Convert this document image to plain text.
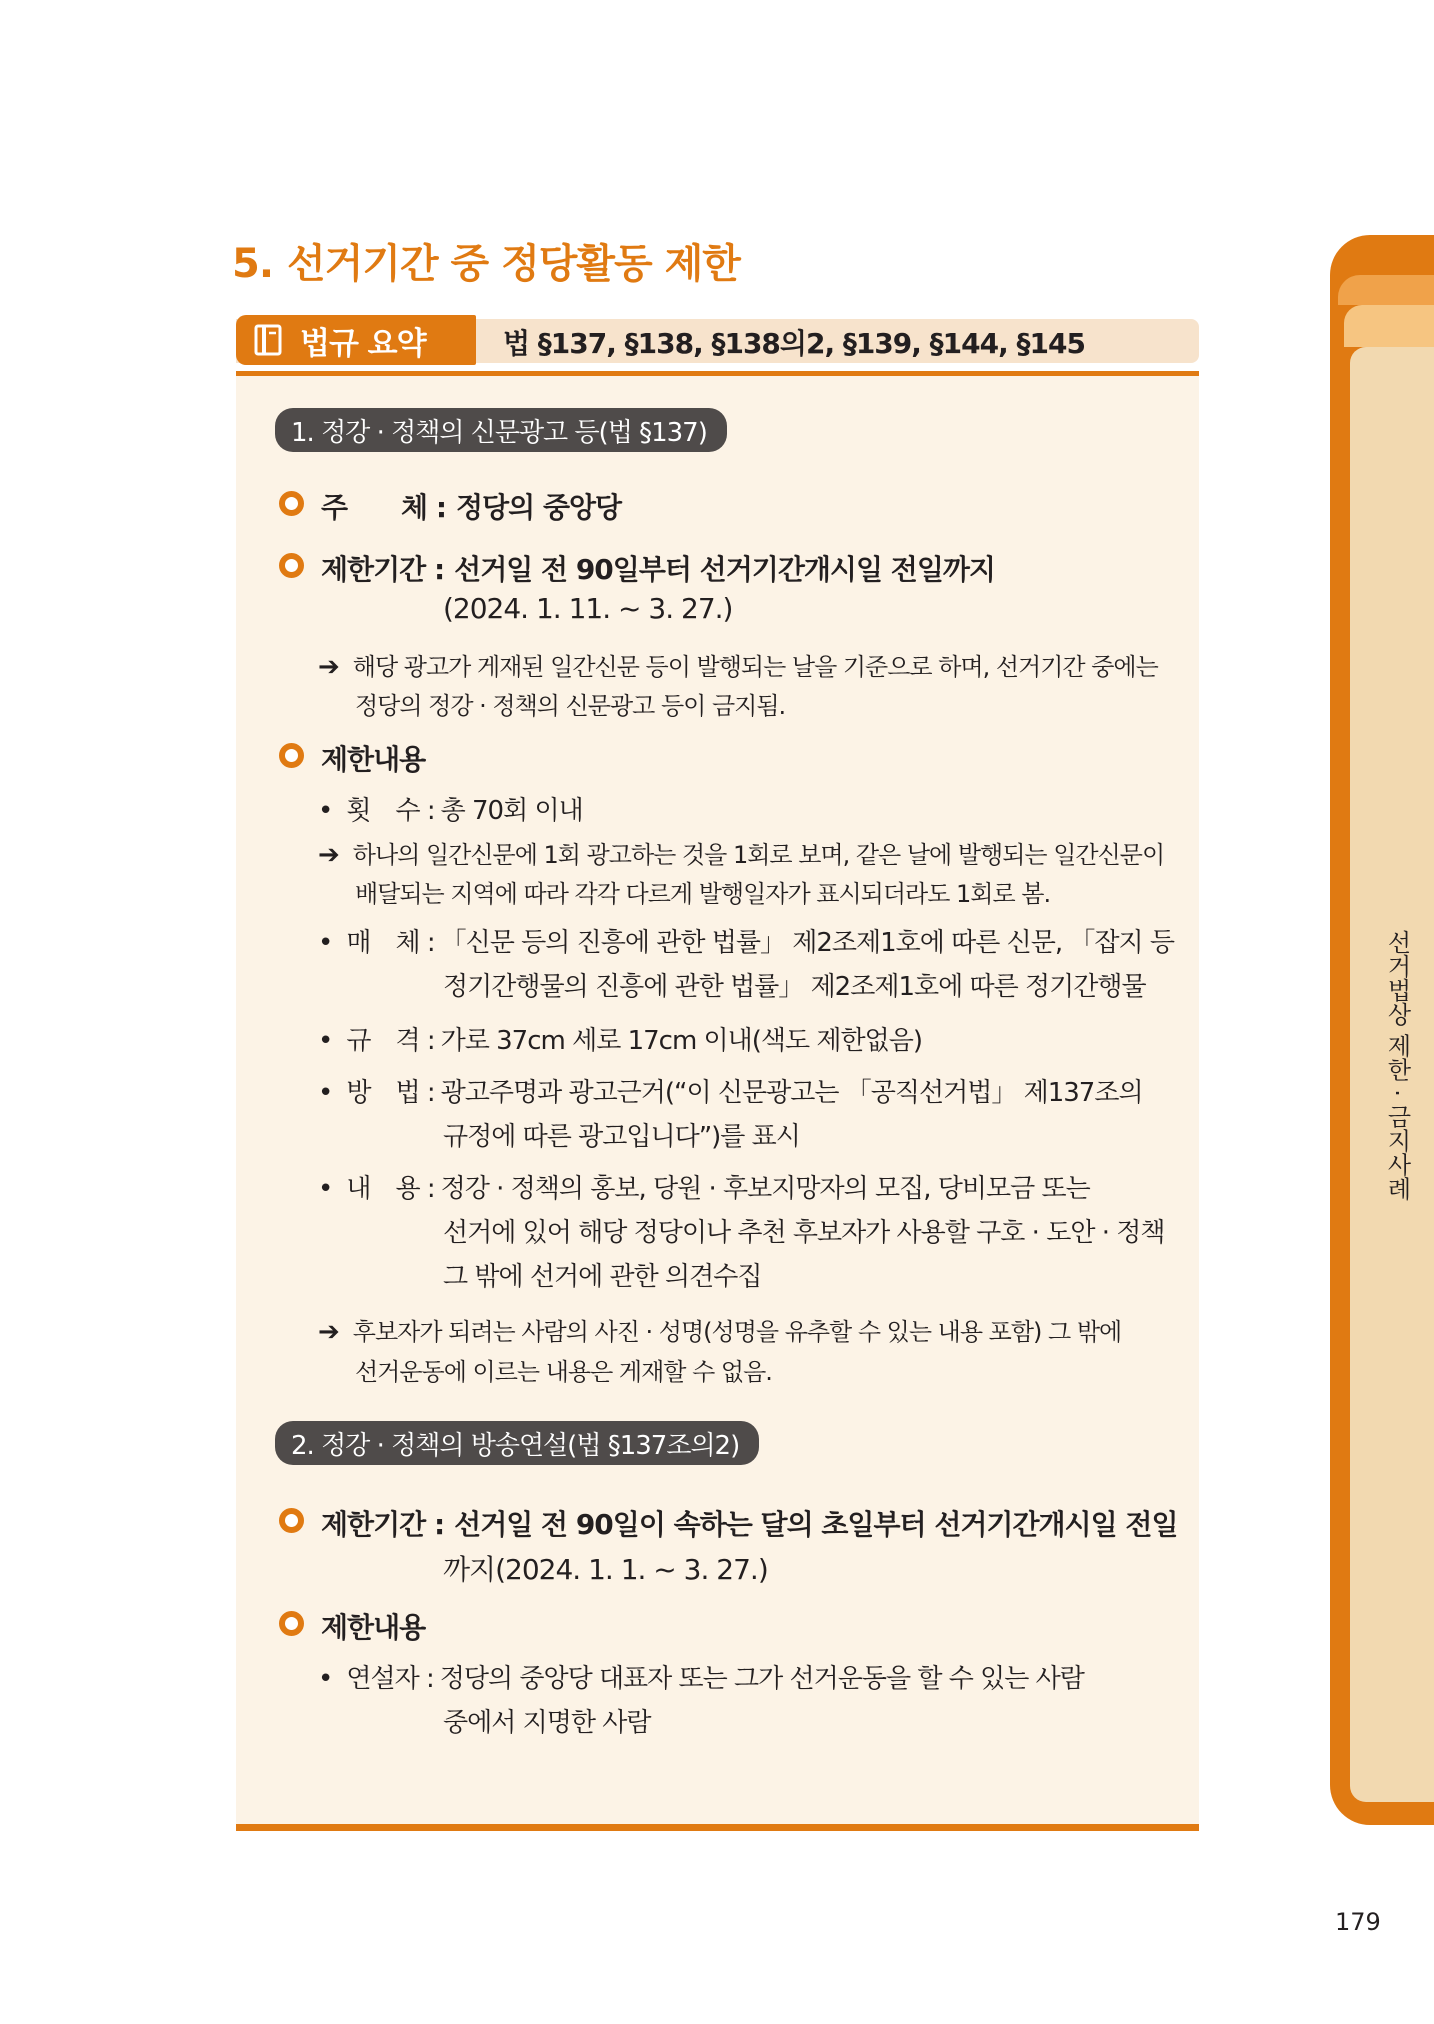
선거법상 제한 · 금지사례
5. 선거기간 중 정당활동 제한
법규 요약	법 §137, §138, §138의2, §139, §144, §145
1. 정강 · 정책의 신문광고 등(법 §137)
주　　체 : 정당의 중앙당
제한기간 : 선거일 전 90일부터 선거기간개시일 전일까지
(2024. 1. 11. ~ 3. 27.)
➔ 해당 광고가 게재된 일간신문 등이 발행되는 날을 기준으로 하며, 선거기간 중에는
정당의 정강 · 정책의 신문광고 등이 금지됨.
제한내용
• 횟　수 : 총 70회 이내
➔ 하나의 일간신문에 1회 광고하는 것을 1회로 보며, 같은 날에 발행되는 일간신문이
배달되는 지역에 따라 각각 다르게 발행일자가 표시되더라도 1회로 봄.
• 매　체 : 「신문 등의 진흥에 관한 법률」 제2조제1호에 따른 신문, 「잡지 등
정기간행물의 진흥에 관한 법률」 제2조제1호에 따른 정기간행물
• 규　격 : 가로 37cm 세로 17cm 이내(색도 제한없음)
• 방　법 : 광고주명과 광고근거(“이 신문광고는 「공직선거법」 제137조의
규정에 따른 광고입니다”)를 표시
• 내　용 : 정강 · 정책의 홍보, 당원 · 후보지망자의 모집, 당비모금 또는
선거에 있어 해당 정당이나 추천 후보자가 사용할 구호 · 도안 · 정책
그 밖에 선거에 관한 의견수집
➔ 후보자가 되려는 사람의 사진 · 성명(성명을 유추할 수 있는 내용 포함) 그 밖에
선거운동에 이르는 내용은 게재할 수 없음.
2. 정강 · 정책의 방송연설(법 §137조의2)
제한기간 : 선거일 전 90일이 속하는 달의 초일부터 선거기간개시일 전일
까지(2024. 1. 1. ~ 3. 27.)
제한내용
• 연설자 : 정당의 중앙당 대표자 또는 그가 선거운동을 할 수 있는 사람
중에서 지명한 사람
179
